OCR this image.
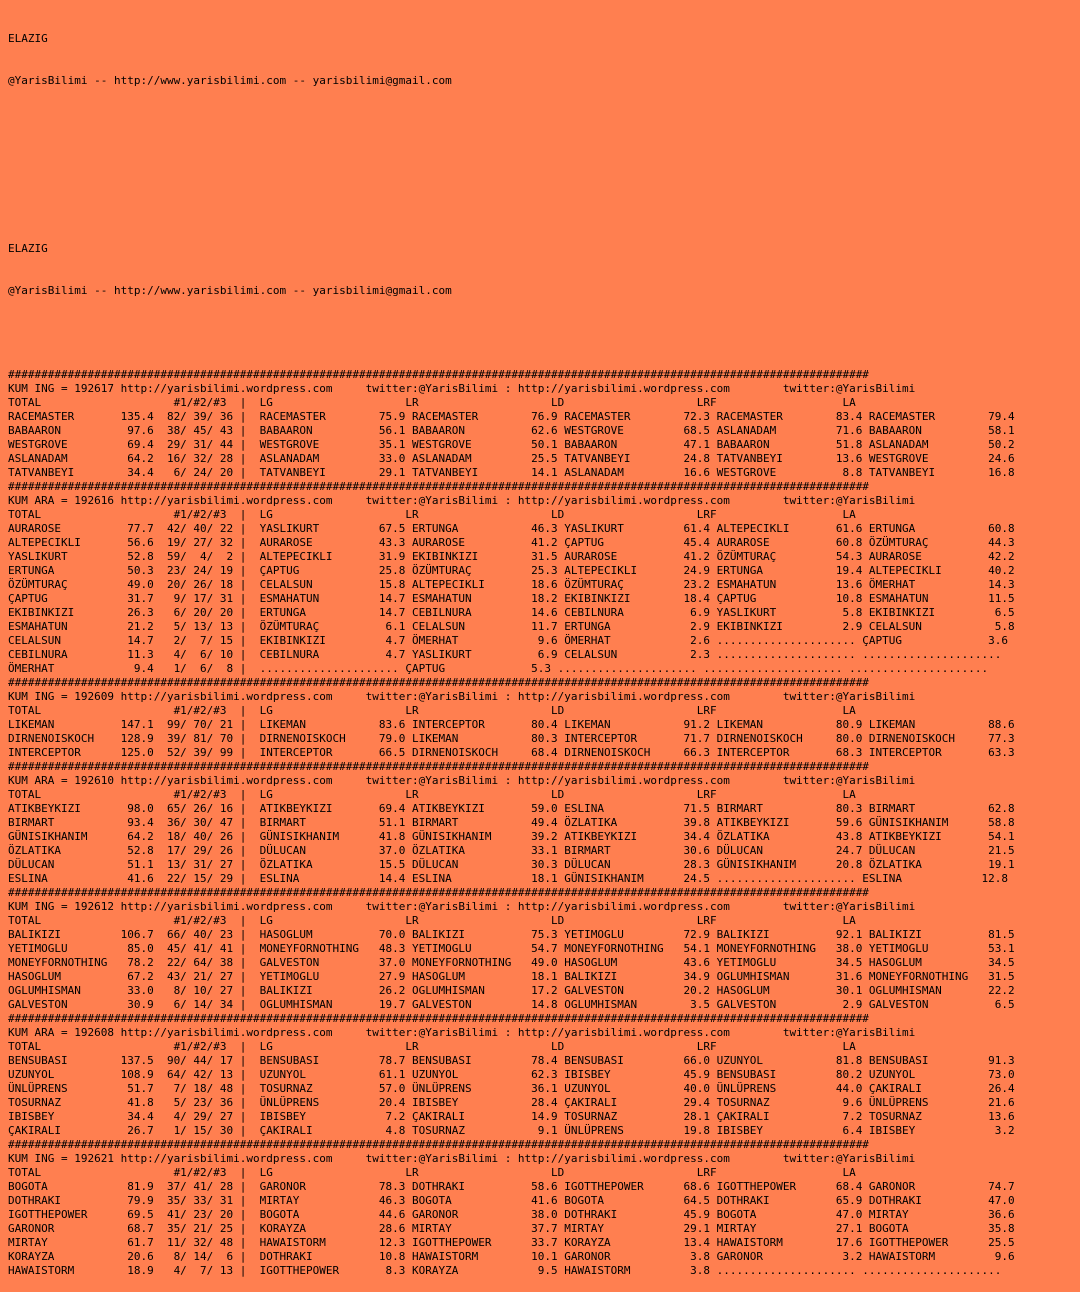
ELAZIG

@YarisBilimi -- http://www.yarisbilimi.com -- yarisbilimi@gmail.com

ELAZIG

@YarisBilimi -- http://www.yarisbilimi.com -- yarisbilimi@gmail.com

##################################################################################################################################
KUM ING = 192617 http://yarisbilimi.wordpress.com     twitter:@YarisBilimi : http://yarisbilimi.wordpress.com        twitter:@YarisBilimi
TOTAL                    #1/#2/#3  |  LG                    LR                    LD                    LRF                   LA
RACEMASTER       135.4  82/ 39/ 36 |  RACEMASTER        75.9 RACEMASTER        76.9 RACEMASTER        72.3 RACEMASTER        83.4 RACEMASTER        79.4
BABAARON          97.6  38/ 45/ 43 |  BABAARON          56.1 BABAARON          62.6 WESTGROVE         68.5 ASLANADAM         71.6 BABAARON          58.1
WESTGROVE         69.4  29/ 31/ 44 |  WESTGROVE         35.1 WESTGROVE         50.1 BABAARON          47.1 BABAARON          51.8 ASLANADAM         50.2
ASLANADAM         64.2  16/ 32/ 28 |  ASLANADAM         33.0 ASLANADAM         25.5 TATVANBEYI        24.8 TATVANBEYI        13.6 WESTGROVE         24.6
TATVANBEYI        34.4   6/ 24/ 20 |  TATVANBEYI        29.1 TATVANBEYI        14.1 ASLANADAM         16.6 WESTGROVE          8.8 TATVANBEYI        16.8
##################################################################################################################################
KUM ARA = 192616 http://yarisbilimi.wordpress.com     twitter:@YarisBilimi : http://yarisbilimi.wordpress.com        twitter:@YarisBilimi
TOTAL                    #1/#2/#3  |  LG                    LR                    LD                    LRF                   LA
AURAROSE          77.7  42/ 40/ 22 |  YASLIKURT         67.5 ERTUNGA           46.3 YASLIKURT         61.4 ALTEPECIKLI       61.6 ERTUNGA           60.8
ALTEPECIKLI       56.6  19/ 27/ 32 |  AURAROSE          43.3 AURAROSE          41.2 ÇAPTUG            45.4 AURAROSE          60.8 ÖZÜMTURAÇ         44.3
YASLIKURT         52.8  59/  4/  2 |  ALTEPECIKLI       31.9 EKIBINKIZI        31.5 AURAROSE          41.2 ÖZÜMTURAÇ         54.3 AURAROSE          42.2
ERTUNGA           50.3  23/ 24/ 19 |  ÇAPTUG            25.8 ÖZÜMTURAÇ         25.3 ALTEPECIKLI       24.9 ERTUNGA           19.4 ALTEPECIKLI       40.2
ÖZÜMTURAÇ         49.0  20/ 26/ 18 |  CELALSUN          15.8 ALTEPECIKLI       18.6 ÖZÜMTURAÇ         23.2 ESMAHATUN         13.6 ÖMERHAT           14.3
ÇAPTUG            31.7   9/ 17/ 31 |  ESMAHATUN         14.7 ESMAHATUN         18.2 EKIBINKIZI        18.4 ÇAPTUG            10.8 ESMAHATUN         11.5
EKIBINKIZI        26.3   6/ 20/ 20 |  ERTUNGA           14.7 CEBILNURA         14.6 CEBILNURA          6.9 YASLIKURT          5.8 EKIBINKIZI         6.5
ESMAHATUN         21.2   5/ 13/ 13 |  ÖZÜMTURAÇ          6.1 CELALSUN          11.7 ERTUNGA            2.9 EKIBINKIZI         2.9 CELALSUN           5.8
CELALSUN          14.7   2/  7/ 15 |  EKIBINKIZI         4.7 ÖMERHAT            9.6 ÖMERHAT            2.6 ..................... ÇAPTUG             3.6
CEBILNURA         11.3   4/  6/ 10 |  CEBILNURA          4.7 YASLIKURT          6.9 CELALSUN           2.3 ..................... .....................
ÖMERHAT            9.4   1/  6/  8 |  ..................... ÇAPTUG             5.3 ..................... ..................... .....................
##################################################################################################################################
KUM ING = 192609 http://yarisbilimi.wordpress.com     twitter:@YarisBilimi : http://yarisbilimi.wordpress.com        twitter:@YarisBilimi
TOTAL                    #1/#2/#3  |  LG                    LR                    LD                    LRF                   LA
LIKEMAN          147.1  99/ 70/ 21 |  LIKEMAN           83.6 INTERCEPTOR       80.4 LIKEMAN           91.2 LIKEMAN           80.9 LIKEMAN           88.6
DIRNENOISKOCH    128.9  39/ 81/ 70 |  DIRNENOISKOCH     79.0 LIKEMAN           80.3 INTERCEPTOR       71.7 DIRNENOISKOCH     80.0 DIRNENOISKOCH     77.3
INTERCEPTOR      125.0  52/ 39/ 99 |  INTERCEPTOR       66.5 DIRNENOISKOCH     68.4 DIRNENOISKOCH     66.3 INTERCEPTOR       68.3 INTERCEPTOR       63.3
##################################################################################################################################
KUM ARA = 192610 http://yarisbilimi.wordpress.com     twitter:@YarisBilimi : http://yarisbilimi.wordpress.com        twitter:@YarisBilimi
TOTAL                    #1/#2/#3  |  LG                    LR                    LD                    LRF                   LA
ATIKBEYKIZI       98.0  65/ 26/ 16 |  ATIKBEYKIZI       69.4 ATIKBEYKIZI       59.0 ESLINA            71.5 BIRMART           80.3 BIRMART           62.8
BIRMART           93.4  36/ 30/ 47 |  BIRMART           51.1 BIRMART           49.4 ÖZLATIKA          39.8 ATIKBEYKIZI       59.6 GÜNISIKHANIM      58.8
GÜNISIKHANIM      64.2  18/ 40/ 26 |  GÜNISIKHANIM      41.8 GÜNISIKHANIM      39.2 ATIKBEYKIZI       34.4 ÖZLATIKA          43.8 ATIKBEYKIZI       54.1
ÖZLATIKA          52.8  17/ 29/ 26 |  DÜLUCAN           37.0 ÖZLATIKA          33.1 BIRMART           30.6 DÜLUCAN           24.7 DÜLUCAN           21.5
DÜLUCAN           51.1  13/ 31/ 27 |  ÖZLATIKA          15.5 DÜLUCAN           30.3 DÜLUCAN           28.3 GÜNISIKHANIM      20.8 ÖZLATIKA          19.1
ESLINA            41.6  22/ 15/ 29 |  ESLINA            14.4 ESLINA            18.1 GÜNISIKHANIM      24.5 ..................... ESLINA            12.8
##################################################################################################################################
KUM ING = 192612 http://yarisbilimi.wordpress.com     twitter:@YarisBilimi : http://yarisbilimi.wordpress.com        twitter:@YarisBilimi
TOTAL                    #1/#2/#3  |  LG                    LR                    LD                    LRF                   LA
BALIKIZI         106.7  66/ 40/ 23 |  HASOGLUM          70.0 BALIKIZI          75.3 YETIMOGLU         72.9 BALIKIZI          92.1 BALIKIZI          81.5
YETIMOGLU         85.0  45/ 41/ 41 |  MONEYFORNOTHING   48.3 YETIMOGLU         54.7 MONEYFORNOTHING   54.1 MONEYFORNOTHING   38.0 YETIMOGLU         53.1
MONEYFORNOTHING   78.2  22/ 64/ 38 |  GALVESTON         37.0 MONEYFORNOTHING   49.0 HASOGLUM          43.6 YETIMOGLU         34.5 HASOGLUM          34.5
HASOGLUM          67.2  43/ 21/ 27 |  YETIMOGLU         27.9 HASOGLUM          18.1 BALIKIZI          34.9 OGLUMHISMAN       31.6 MONEYFORNOTHING   31.5
OGLUMHISMAN       33.0   8/ 10/ 27 |  BALIKIZI          26.2 OGLUMHISMAN       17.2 GALVESTON         20.2 HASOGLUM          30.1 OGLUMHISMAN       22.2
GALVESTON         30.9   6/ 14/ 34 |  OGLUMHISMAN       19.7 GALVESTON         14.8 OGLUMHISMAN        3.5 GALVESTON          2.9 GALVESTON          6.5
##################################################################################################################################
KUM ARA = 192608 http://yarisbilimi.wordpress.com     twitter:@YarisBilimi : http://yarisbilimi.wordpress.com        twitter:@YarisBilimi
TOTAL                    #1/#2/#3  |  LG                    LR                    LD                    LRF                   LA
BENSUBASI        137.5  90/ 44/ 17 |  BENSUBASI         78.7 BENSUBASI         78.4 BENSUBASI         66.0 UZUNYOL           81.8 BENSUBASI         91.3
UZUNYOL          108.9  64/ 42/ 13 |  UZUNYOL           61.1 UZUNYOL           62.3 IBISBEY           45.9 BENSUBASI         80.2 UZUNYOL           73.0
ÜNLÜPRENS         51.7   7/ 18/ 48 |  TOSURNAZ          57.0 ÜNLÜPRENS         36.1 UZUNYOL           40.0 ÜNLÜPRENS         44.0 ÇAKIRALI          26.4
TOSURNAZ          41.8   5/ 23/ 36 |  ÜNLÜPRENS         20.4 IBISBEY           28.4 ÇAKIRALI          29.4 TOSURNAZ           9.6 ÜNLÜPRENS         21.6
IBISBEY           34.4   4/ 29/ 27 |  IBISBEY            7.2 ÇAKIRALI          14.9 TOSURNAZ          28.1 ÇAKIRALI           7.2 TOSURNAZ          13.6
ÇAKIRALI          26.7   1/ 15/ 30 |  ÇAKIRALI           4.8 TOSURNAZ           9.1 ÜNLÜPRENS         19.8 IBISBEY            6.4 IBISBEY            3.2
##################################################################################################################################
KUM ING = 192621 http://yarisbilimi.wordpress.com     twitter:@YarisBilimi : http://yarisbilimi.wordpress.com        twitter:@YarisBilimi
TOTAL                    #1/#2/#3  |  LG                    LR                    LD                    LRF                   LA
BOGOTA            81.9  37/ 41/ 28 |  GARONOR           78.3 DOTHRAKI          58.6 IGOTTHEPOWER      68.6 IGOTTHEPOWER      68.4 GARONOR           74.7
DOTHRAKI          79.9  35/ 33/ 31 |  MIRTAY            46.3 BOGOTA            41.6 BOGOTA            64.5 DOTHRAKI          65.9 DOTHRAKI          47.0
IGOTTHEPOWER      69.5  41/ 23/ 20 |  BOGOTA            44.6 GARONOR           38.0 DOTHRAKI          45.9 BOGOTA            47.0 MIRTAY            36.6
GARONOR           68.7  35/ 21/ 25 |  KORAYZA           28.6 MIRTAY            37.7 MIRTAY            29.1 MIRTAY            27.1 BOGOTA            35.8
MIRTAY            61.7  11/ 32/ 48 |  HAWAISTORM        12.3 IGOTTHEPOWER      33.7 KORAYZA           13.4 HAWAISTORM        17.6 IGOTTHEPOWER      25.5
KORAYZA           20.6   8/ 14/  6 |  DOTHRAKI          10.8 HAWAISTORM        10.1 GARONOR            3.8 GARONOR            3.2 HAWAISTORM         9.6
HAWAISTORM        18.9   4/  7/ 13 |  IGOTTHEPOWER       8.3 KORAYZA            9.5 HAWAISTORM         3.8 ..................... .....................
